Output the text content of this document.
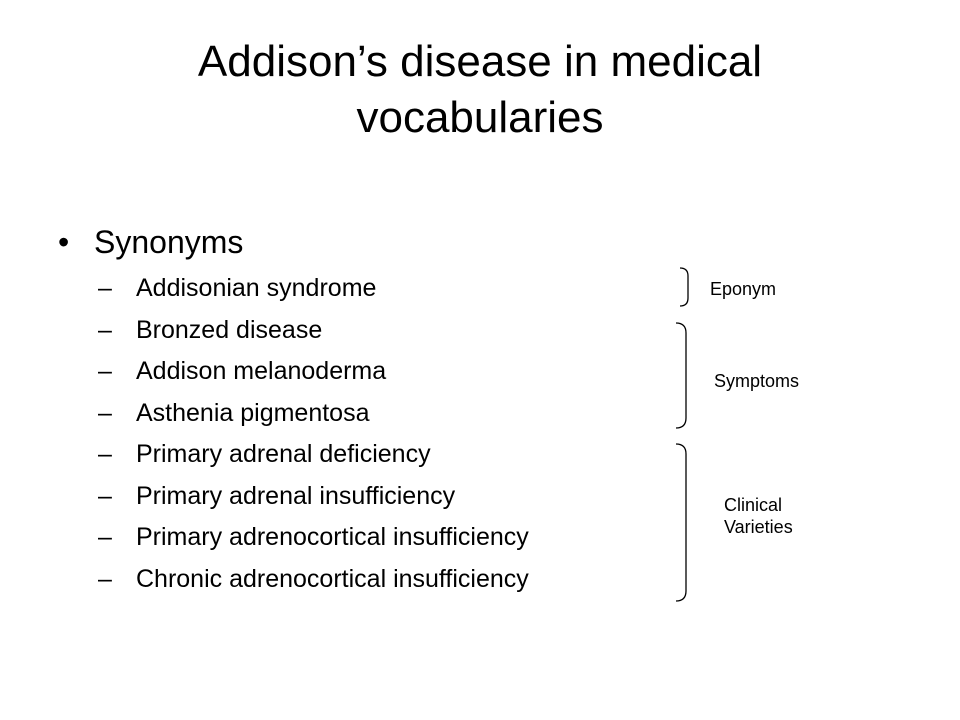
Addison’s disease in medical
vocabularies
• Synonyms
– Addisonian syndrome
– Bronzed disease
– Addison melanoderma
– Asthenia pigmentosa
– Primary adrenal deficiency
– Primary adrenal insufficiency
– Primary adrenocortical insufficiency
– Chronic adrenocortical insufficiency
Eponym
Symptoms
Clinical
Varieties
